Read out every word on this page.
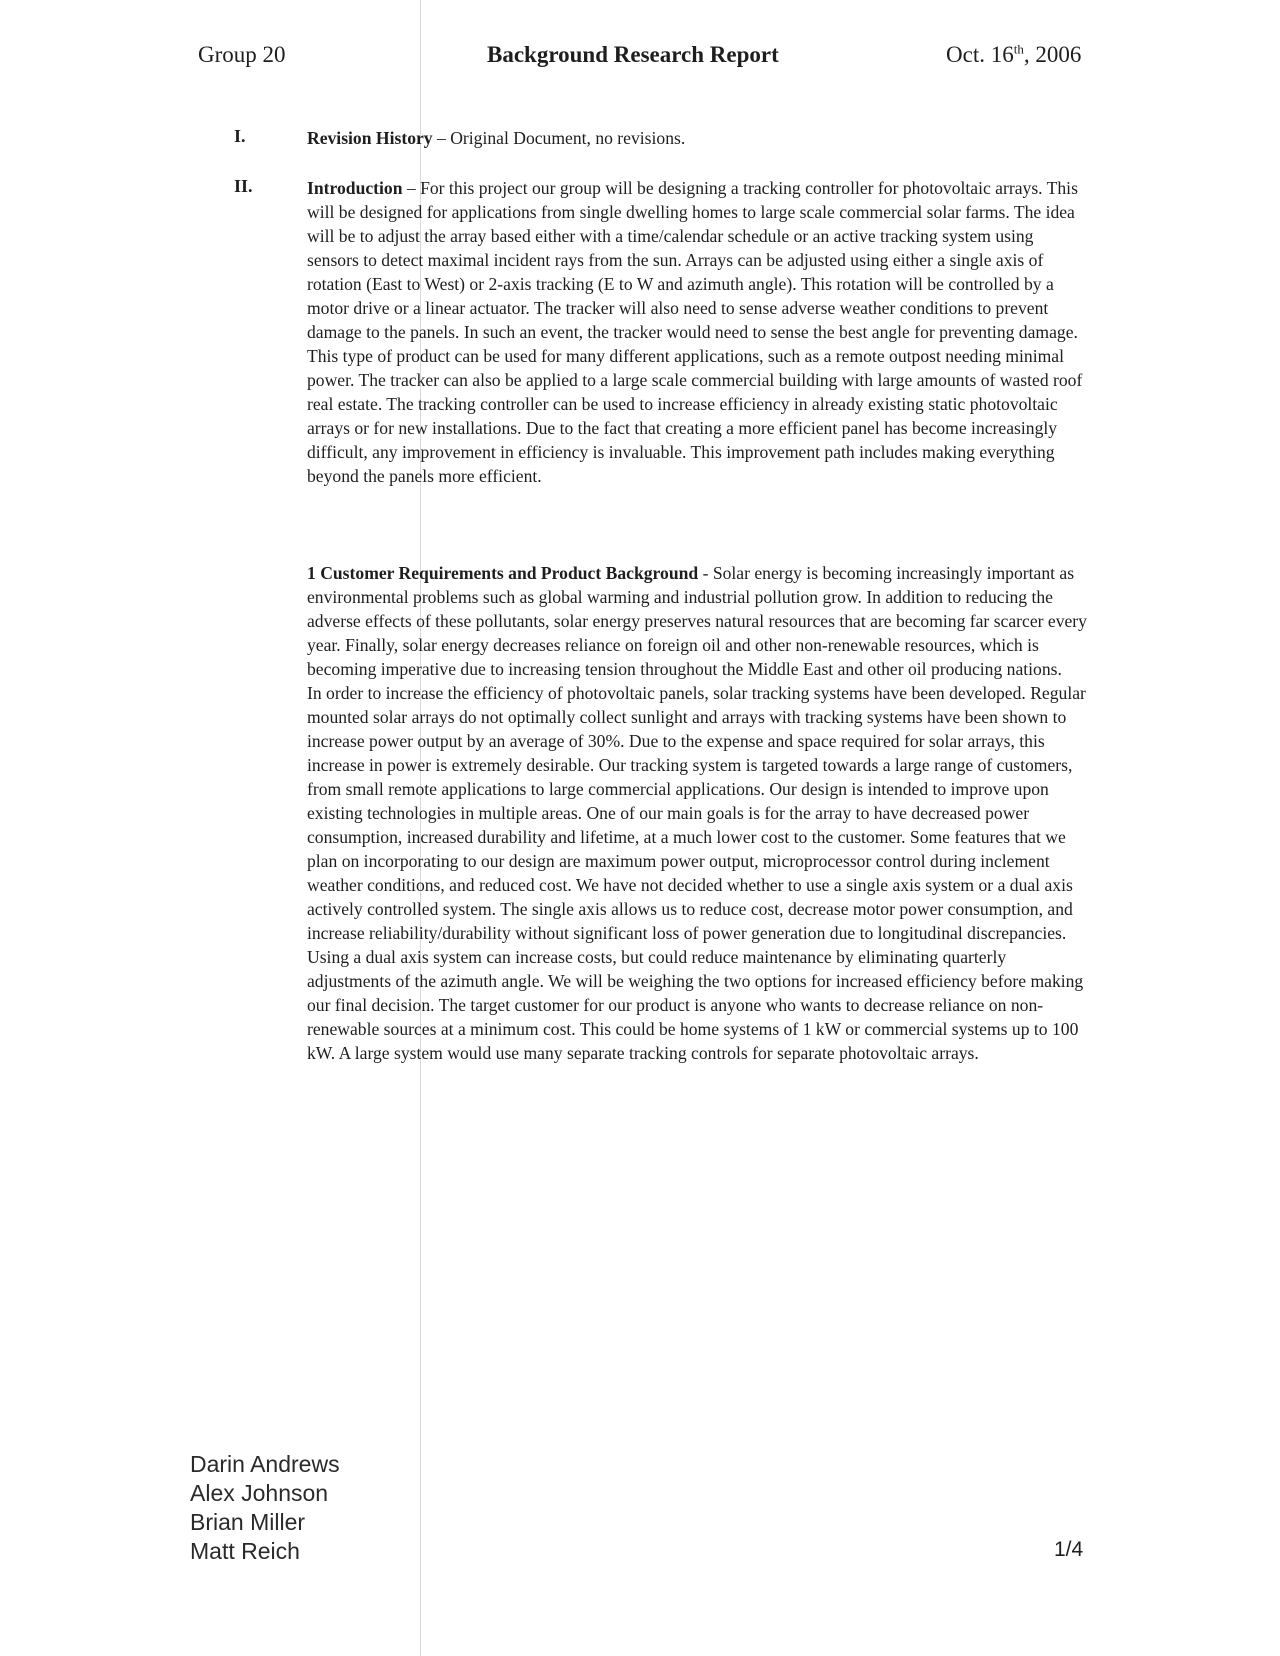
Group 20	Background Research Report	Oct. 16th, 2006
I.	Revision History – Original Document, no revisions.

II.	Introduction – For this project our group will be designing a tracking controller for photovoltaic arrays. This will be designed for applications from single dwelling homes to large scale commercial solar farms. The idea will be to adjust the array based either with a time/calendar schedule or an active tracking system using sensors to detect maximal incident rays from the sun. Arrays can be adjusted using either a single axis of rotation (East to West) or 2-axis tracking (E to W and azimuth angle). This rotation will be controlled by a motor drive or a linear actuator. The tracker will also need to sense adverse weather conditions to prevent damage to the panels. In such an event, the tracker would need to sense the best angle for preventing damage. This type of product can be used for many different applications, such as a remote outpost needing minimal power. The tracker can also be applied to a large scale commercial building with large amounts of wasted roof real estate. The tracking controller can be used to increase efficiency in already existing static photovoltaic arrays or for new installations. Due to the fact that creating a more efficient panel has become increasingly difficult, any improvement in efficiency is invaluable. This improvement path includes making everything beyond the panels more efficient.

1 Customer Requirements and Product Background - Solar energy is becoming increasingly important as environmental problems such as global warming and industrial pollution grow. In addition to reducing the adverse effects of these pollutants, solar energy preserves natural resources that are becoming far scarcer every year. Finally, solar energy decreases reliance on foreign oil and other non-renewable resources, which is becoming imperative due to increasing tension throughout the Middle East and other oil producing nations.

In order to increase the efficiency of photovoltaic panels, solar tracking systems have been developed. Regular mounted solar arrays do not optimally collect sunlight and arrays with tracking systems have been shown to increase power output by an average of 30%. Due to the expense and space required for solar arrays, this increase in power is extremely desirable. Our tracking system is targeted towards a large range of customers, from small remote applications to large commercial applications. Our design is intended to improve upon existing technologies in multiple areas. One of our main goals is for the array to have decreased power consumption, increased durability and lifetime, at a much lower cost to the customer. Some features that we plan on incorporating to our design are maximum power output, microprocessor control during inclement weather conditions, and reduced cost. We have not decided whether to use a single axis system or a dual axis actively controlled system. The single axis allows us to reduce cost, decrease motor power consumption, and increase reliability/durability without significant loss of power generation due to longitudinal discrepancies. Using a dual axis system can increase costs, but could reduce maintenance by eliminating quarterly adjustments of the azimuth angle. We will be weighing the two options for increased efficiency before making our final decision. The target customer for our product is anyone who wants to decrease reliance on non-renewable sources at a minimum cost. This could be home systems of 1 kW or commercial systems up to 100 kW. A large system would use many separate tracking controls for separate photovoltaic arrays.

Darin Andrews
Alex Johnson
Brian Miller
Matt Reich	1/4
